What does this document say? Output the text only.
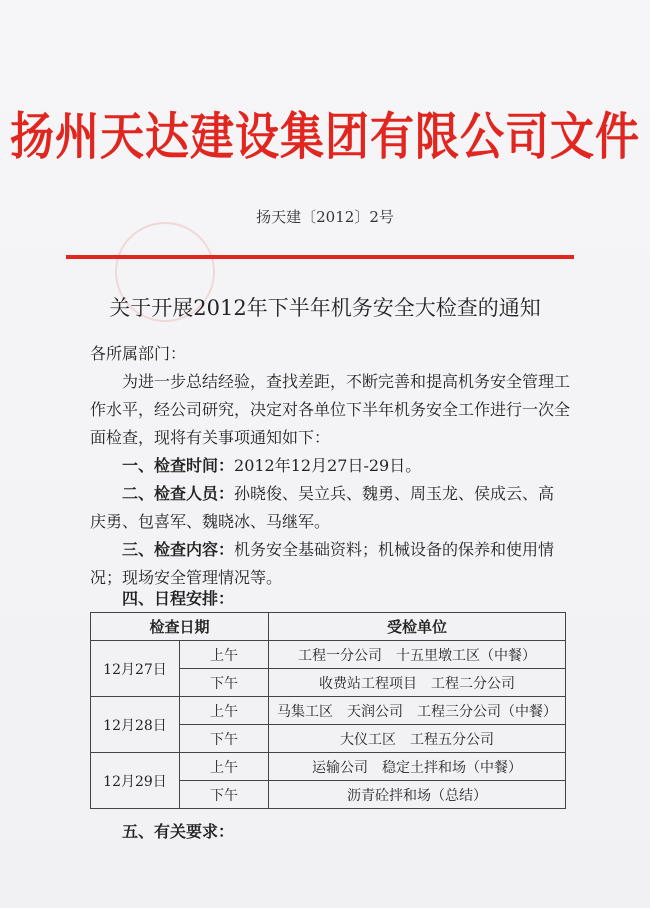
扬州天达建设集团有限公司文件
扬天建〔2012〕2号
关于开展2012年下半年机务安全大检查的通知
各所属部门：
为进一步总结经验，查找差距，不断完善和提高机务安全管理工作水平，经公司研究，决定对各单位下半年机务安全工作进行一次全面检查，现将有关事项通知如下：
一、检查时间：2012年12月27日-29日。
二、检查人员：孙晓俊、吴立兵、魏勇、周玉龙、侯成云、高庆勇、包喜军、魏晓冰、马继军。
三、检查内容：机务安全基础资料；机械设备的保养和使用情况；现场安全管理情况等。
四、日程安排：
检查日期		受检单位
12月27日	上午	工程一分公司　十五里墩工区（中餐）
	下午	收费站工程项目　工程二分公司
12月28日	上午	马集工区　天润公司　工程三分公司（中餐）
	下午	大仪工区　工程五分公司
12月29日	上午	运输公司　稳定土拌和场（中餐）
	下午	沥青砼拌和场（总结）
五、有关要求：
